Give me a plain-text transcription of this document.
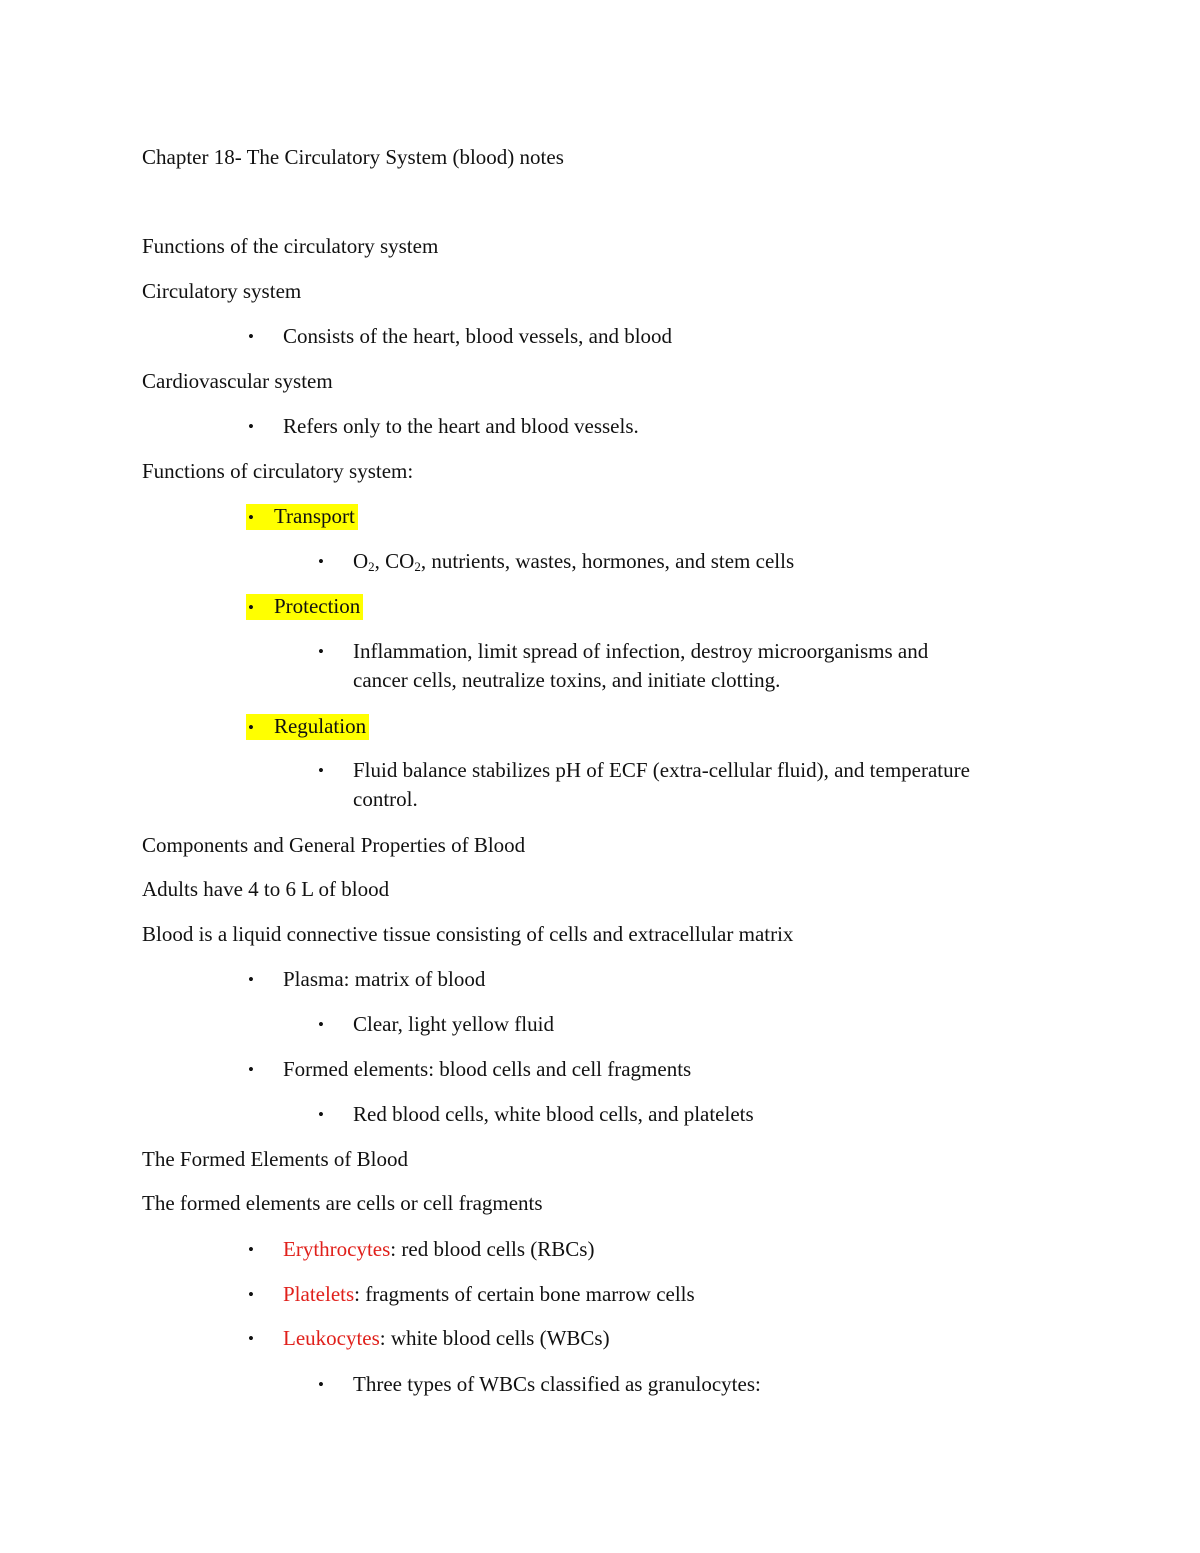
Chapter 18- The Circulatory System (blood) notes
Functions of the circulatory system
Circulatory system
• Consists of the heart, blood vessels, and blood
Cardiovascular system
• Refers only to the heart and blood vessels.
Functions of circulatory system:
• Transport
• $O_2$, $CO_2$, nutrients, wastes, hormones, and stem cells
• Protection
• Inflammation, limit spread of infection, destroy microorganisms and
cancer cells, neutralize toxins, and initiate clotting.
• Regulation
• Fluid balance stabilizes pH of ECF (extra-cellular fluid), and temperature
control.
Components and General Properties of Blood
Adults have 4 to 6 L of blood
Blood is a liquid connective tissue consisting of cells and extracellular matrix
• Plasma: matrix of blood
• Clear, light yellow fluid
• Formed elements: blood cells and cell fragments
• Red blood cells, white blood cells, and platelets
The Formed Elements of Blood
The formed elements are cells or cell fragments
• Erythrocytes: red blood cells (RBCs)
• Platelets: fragments of certain bone marrow cells
• Leukocytes: white blood cells (WBCs)
• Three types of WBCs classified as granulocytes:
